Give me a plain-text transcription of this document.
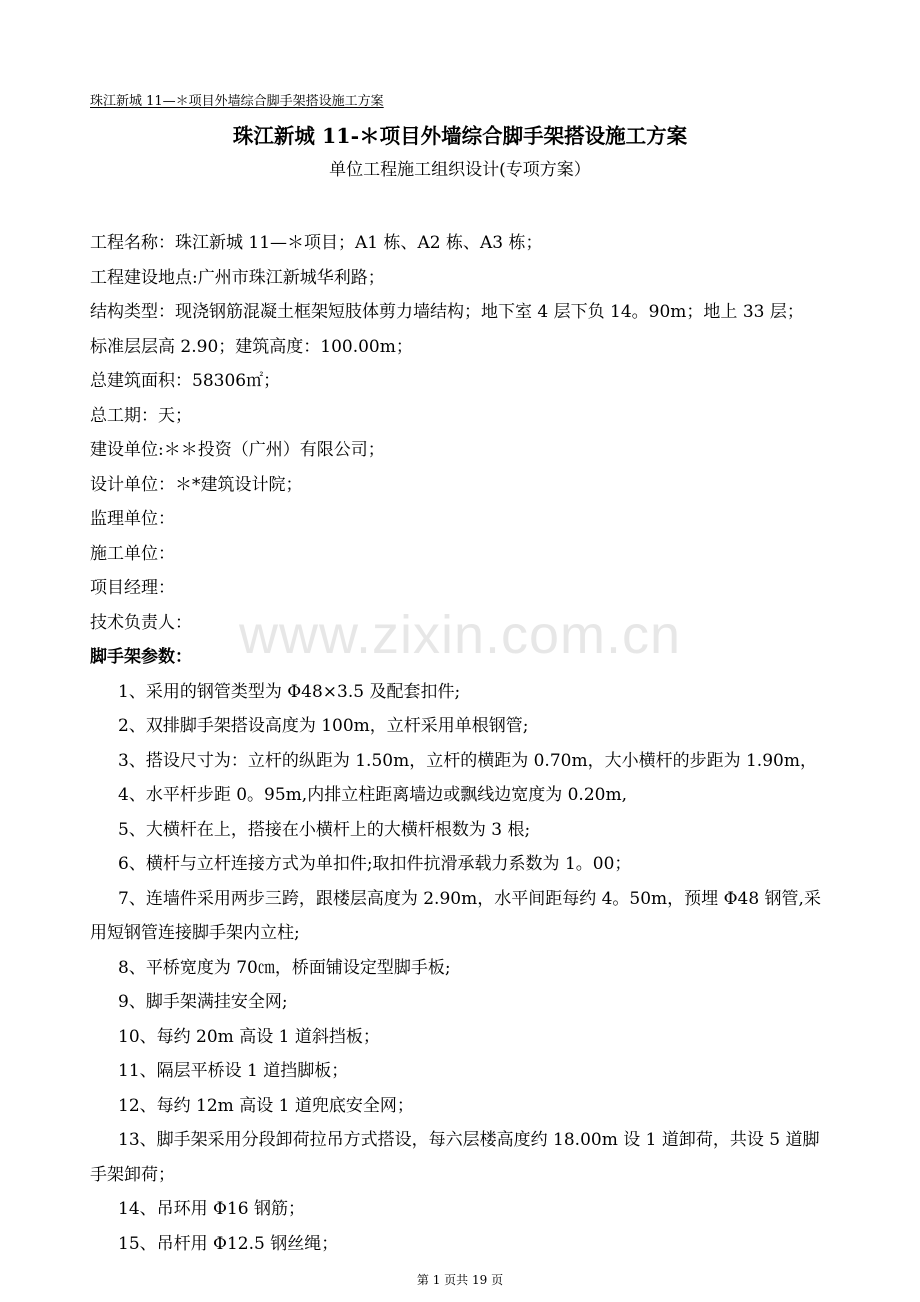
珠江新城 11—＊项目外墙综合脚手架搭设施工方案
珠江新城 11-＊项目外墙综合脚手架搭设施工方案
单位工程施工组织设计(专项方案）
工程名称：珠江新城 11—＊项目；A1 栋、A2 栋、A3 栋；
工程建设地点:广州市珠江新城华利路；
结构类型：现浇钢筋混凝土框架短肢体剪力墙结构；地下室 4 层下负 14。90m；地上 33 层；
标准层层高 2.90；建筑高度：100.00m；
总建筑面积：58306㎡；
总工期：天；
建设单位:＊＊投资（广州）有限公司；
设计单位：＊*建筑设计院；
监理单位：
施工单位：
项目经理：
技术负责人：
脚手架参数：
1、采用的钢管类型为 Φ48×3.5 及配套扣件;
2、双排脚手架搭设高度为 100m，立杆采用单根钢管;
3、搭设尺寸为：立杆的纵距为 1.50m，立杆的横距为 0.70m，大小横杆的步距为 1.90m，
4、水平杆步距 0。95m,内排立柱距离墙边或飘线边宽度为 0.20m,
5、大横杆在上，搭接在小横杆上的大横杆根数为 3 根;
6、横杆与立杆连接方式为单扣件;取扣件抗滑承载力系数为 1。00；
7、连墙件采用两步三跨，跟楼层高度为 2.90m，水平间距每约 4。50m，预埋 Φ48 钢管,采用短钢管连接脚手架内立柱;
8、平桥宽度为 70㎝，桥面铺设定型脚手板;
9、脚手架满挂安全网;
10、每约 20m 高设 1 道斜挡板；
11、隔层平桥设 1 道挡脚板；
12、每约 12m 高设 1 道兜底安全网；
13、脚手架采用分段卸荷拉吊方式搭设，每六层楼高度约 18.00m 设 1 道卸荷，共设 5 道脚手架卸荷；
14、吊环用 Φ16 钢筋；
15、吊杆用 Φ12.5 钢丝绳；
www.zixin.com.cn
第 1 页共 19 页
